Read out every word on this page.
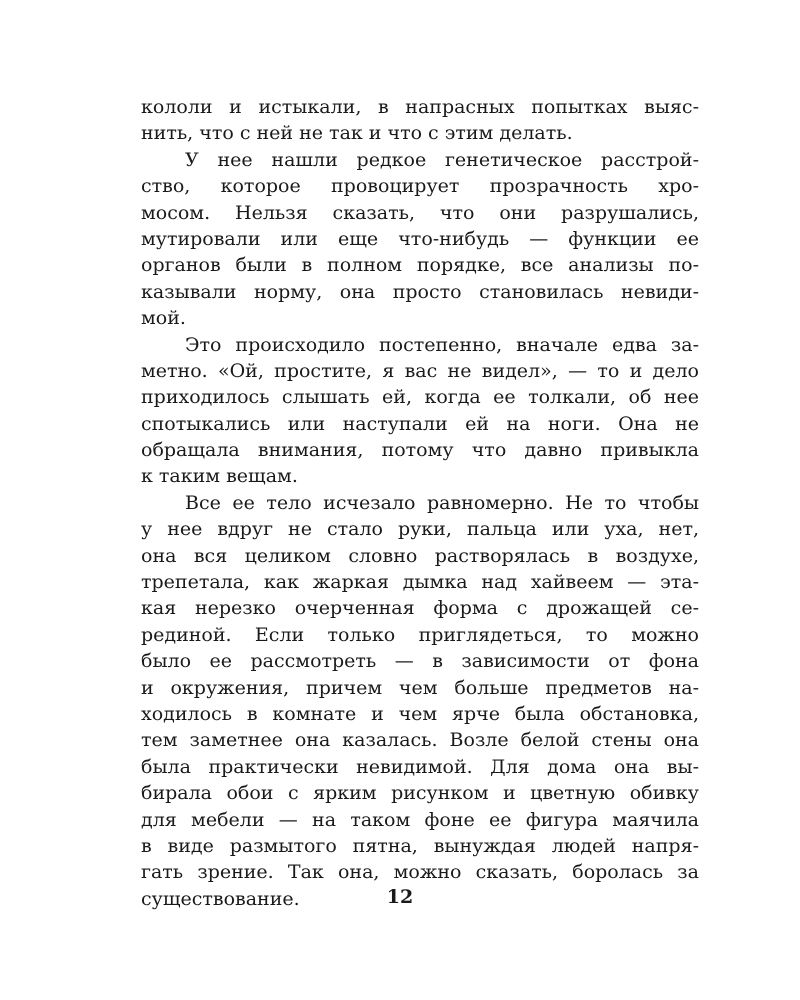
кололи и истыкали, в напрасных попытках выяс-
нить, что с ней не так и что с этим делать.
У нее нашли редкое генетическое расстрой-
ство, которое провоцирует прозрачность хро-
мосом. Нельзя сказать, что они разрушались,
мутировали или еще что-нибудь — функции ее
органов были в полном порядке, все анализы по-
казывали норму, она просто становилась невиди-
мой.
Это происходило постепенно, вначале едва за-
метно. «Ой, простите, я вас не видел», — то и дело
приходилось слышать ей, когда ее толкали, об нее
спотыкались или наступали ей на ноги. Она не
обращала внимания, потому что давно привыкла
к таким вещам.
Все ее тело исчезало равномерно. Не то чтобы
у нее вдруг не стало руки, пальца или уха, нет,
она вся целиком словно растворялась в воздухе,
трепетала, как жаркая дымка над хайвеем — эта-
кая нерезко очерченная форма с дрожащей се-
рединой. Если только приглядеться, то можно
было ее рассмотреть — в зависимости от фона
и окружения, причем чем больше предметов на-
ходилось в комнате и чем ярче была обстановка,
тем заметнее она казалась. Возле белой стены она
была практически невидимой. Для дома она вы-
бирала обои с ярким рисунком и цветную обивку
для мебели — на таком фоне ее фигура маячила
в виде размытого пятна, вынуждая людей напря-
гать зрение. Так она, можно сказать, боролась за
существование.	12
